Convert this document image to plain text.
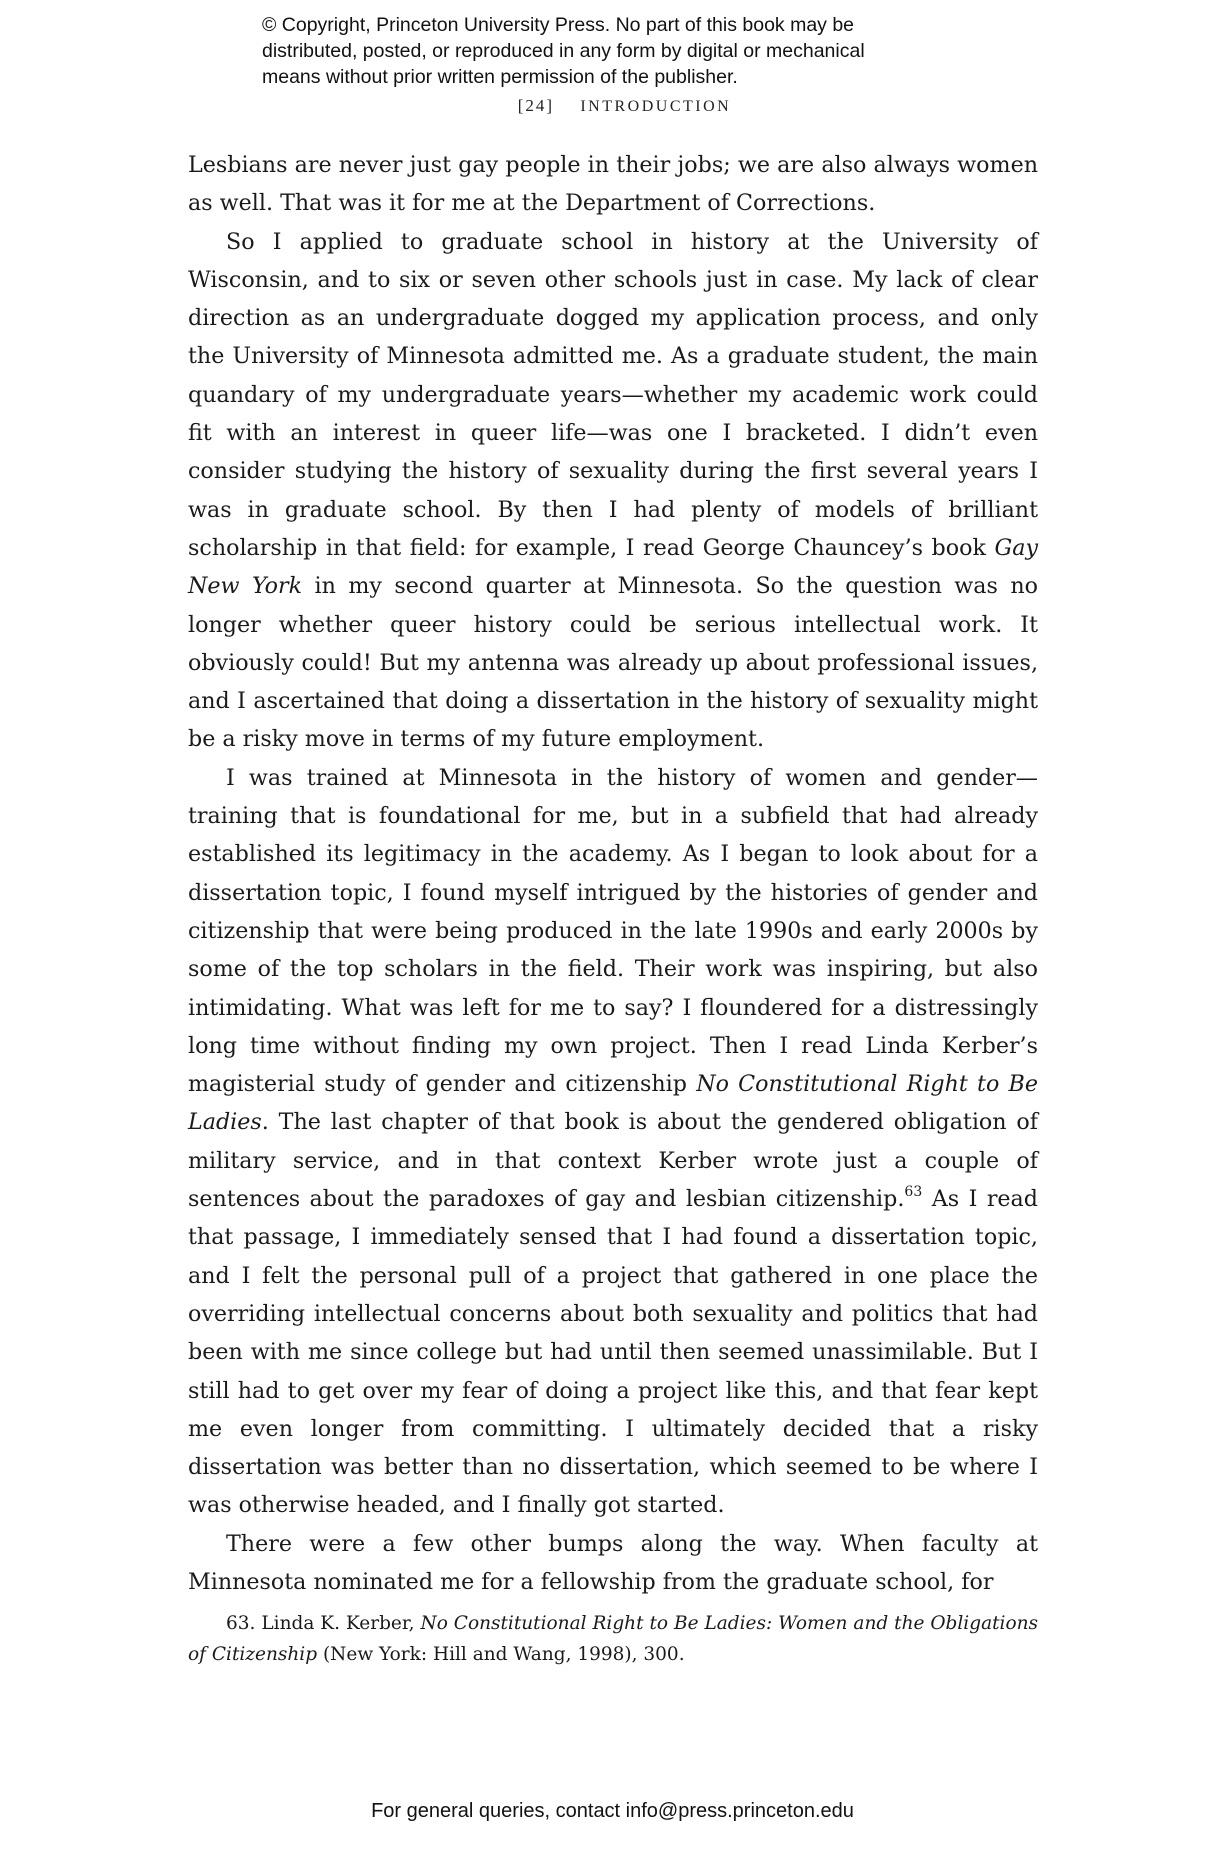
© Copyright, Princeton University Press. No part of this book may be
distributed, posted, or reproduced in any form by digital or mechanical
means without prior written permission of the publisher.
[24] INTRODUCTION

Lesbians are never just gay people in their jobs; we are also always women as well. That was it for me at the Department of Corrections.

So I applied to graduate school in history at the University of Wisconsin, and to six or seven other schools just in case. My lack of clear direction as an undergraduate dogged my application process, and only the University of Minnesota admitted me. As a graduate student, the main quandary of my undergraduate years—whether my academic work could fit with an interest in queer life—was one I bracketed. I didn’t even consider studying the history of sexuality during the first several years I was in graduate school. By then I had plenty of models of brilliant scholarship in that field: for example, I read George Chauncey’s book Gay New York in my second quarter at Minnesota. So the question was no longer whether queer history could be serious intellectual work. It obviously could! But my antenna was already up about professional issues, and I ascertained that doing a dissertation in the history of sexuality might be a risky move in terms of my future employment.

I was trained at Minnesota in the history of women and gender—training that is foundational for me, but in a subfield that had already established its legitimacy in the academy. As I began to look about for a dissertation topic, I found myself intrigued by the histories of gender and citizenship that were being produced in the late 1990s and early 2000s by some of the top scholars in the field. Their work was inspiring, but also intimidating. What was left for me to say? I floundered for a distressingly long time without finding my own project. Then I read Linda Kerber’s magisterial study of gender and citizenship No Constitutional Right to Be Ladies. The last chapter of that book is about the gendered obligation of military service, and in that context Kerber wrote just a couple of sentences about the paradoxes of gay and lesbian citizenship.$^{63}$ As I read that passage, I immediately sensed that I had found a dissertation topic, and I felt the personal pull of a project that gathered in one place the overriding intellectual concerns about both sexuality and politics that had been with me since college but had until then seemed unassimilable. But I still had to get over my fear of doing a project like this, and that fear kept me even longer from committing. I ultimately decided that a risky dissertation was better than no dissertation, which seemed to be where I was otherwise headed, and I finally got started.

There were a few other bumps along the way. When faculty at Minnesota nominated me for a fellowship from the graduate school, for

63. Linda K. Kerber, No Constitutional Right to Be Ladies: Women and the Obligations of Citizenship (New York: Hill and Wang, 1998), 300.
For general queries, contact info@press.princeton.edu
